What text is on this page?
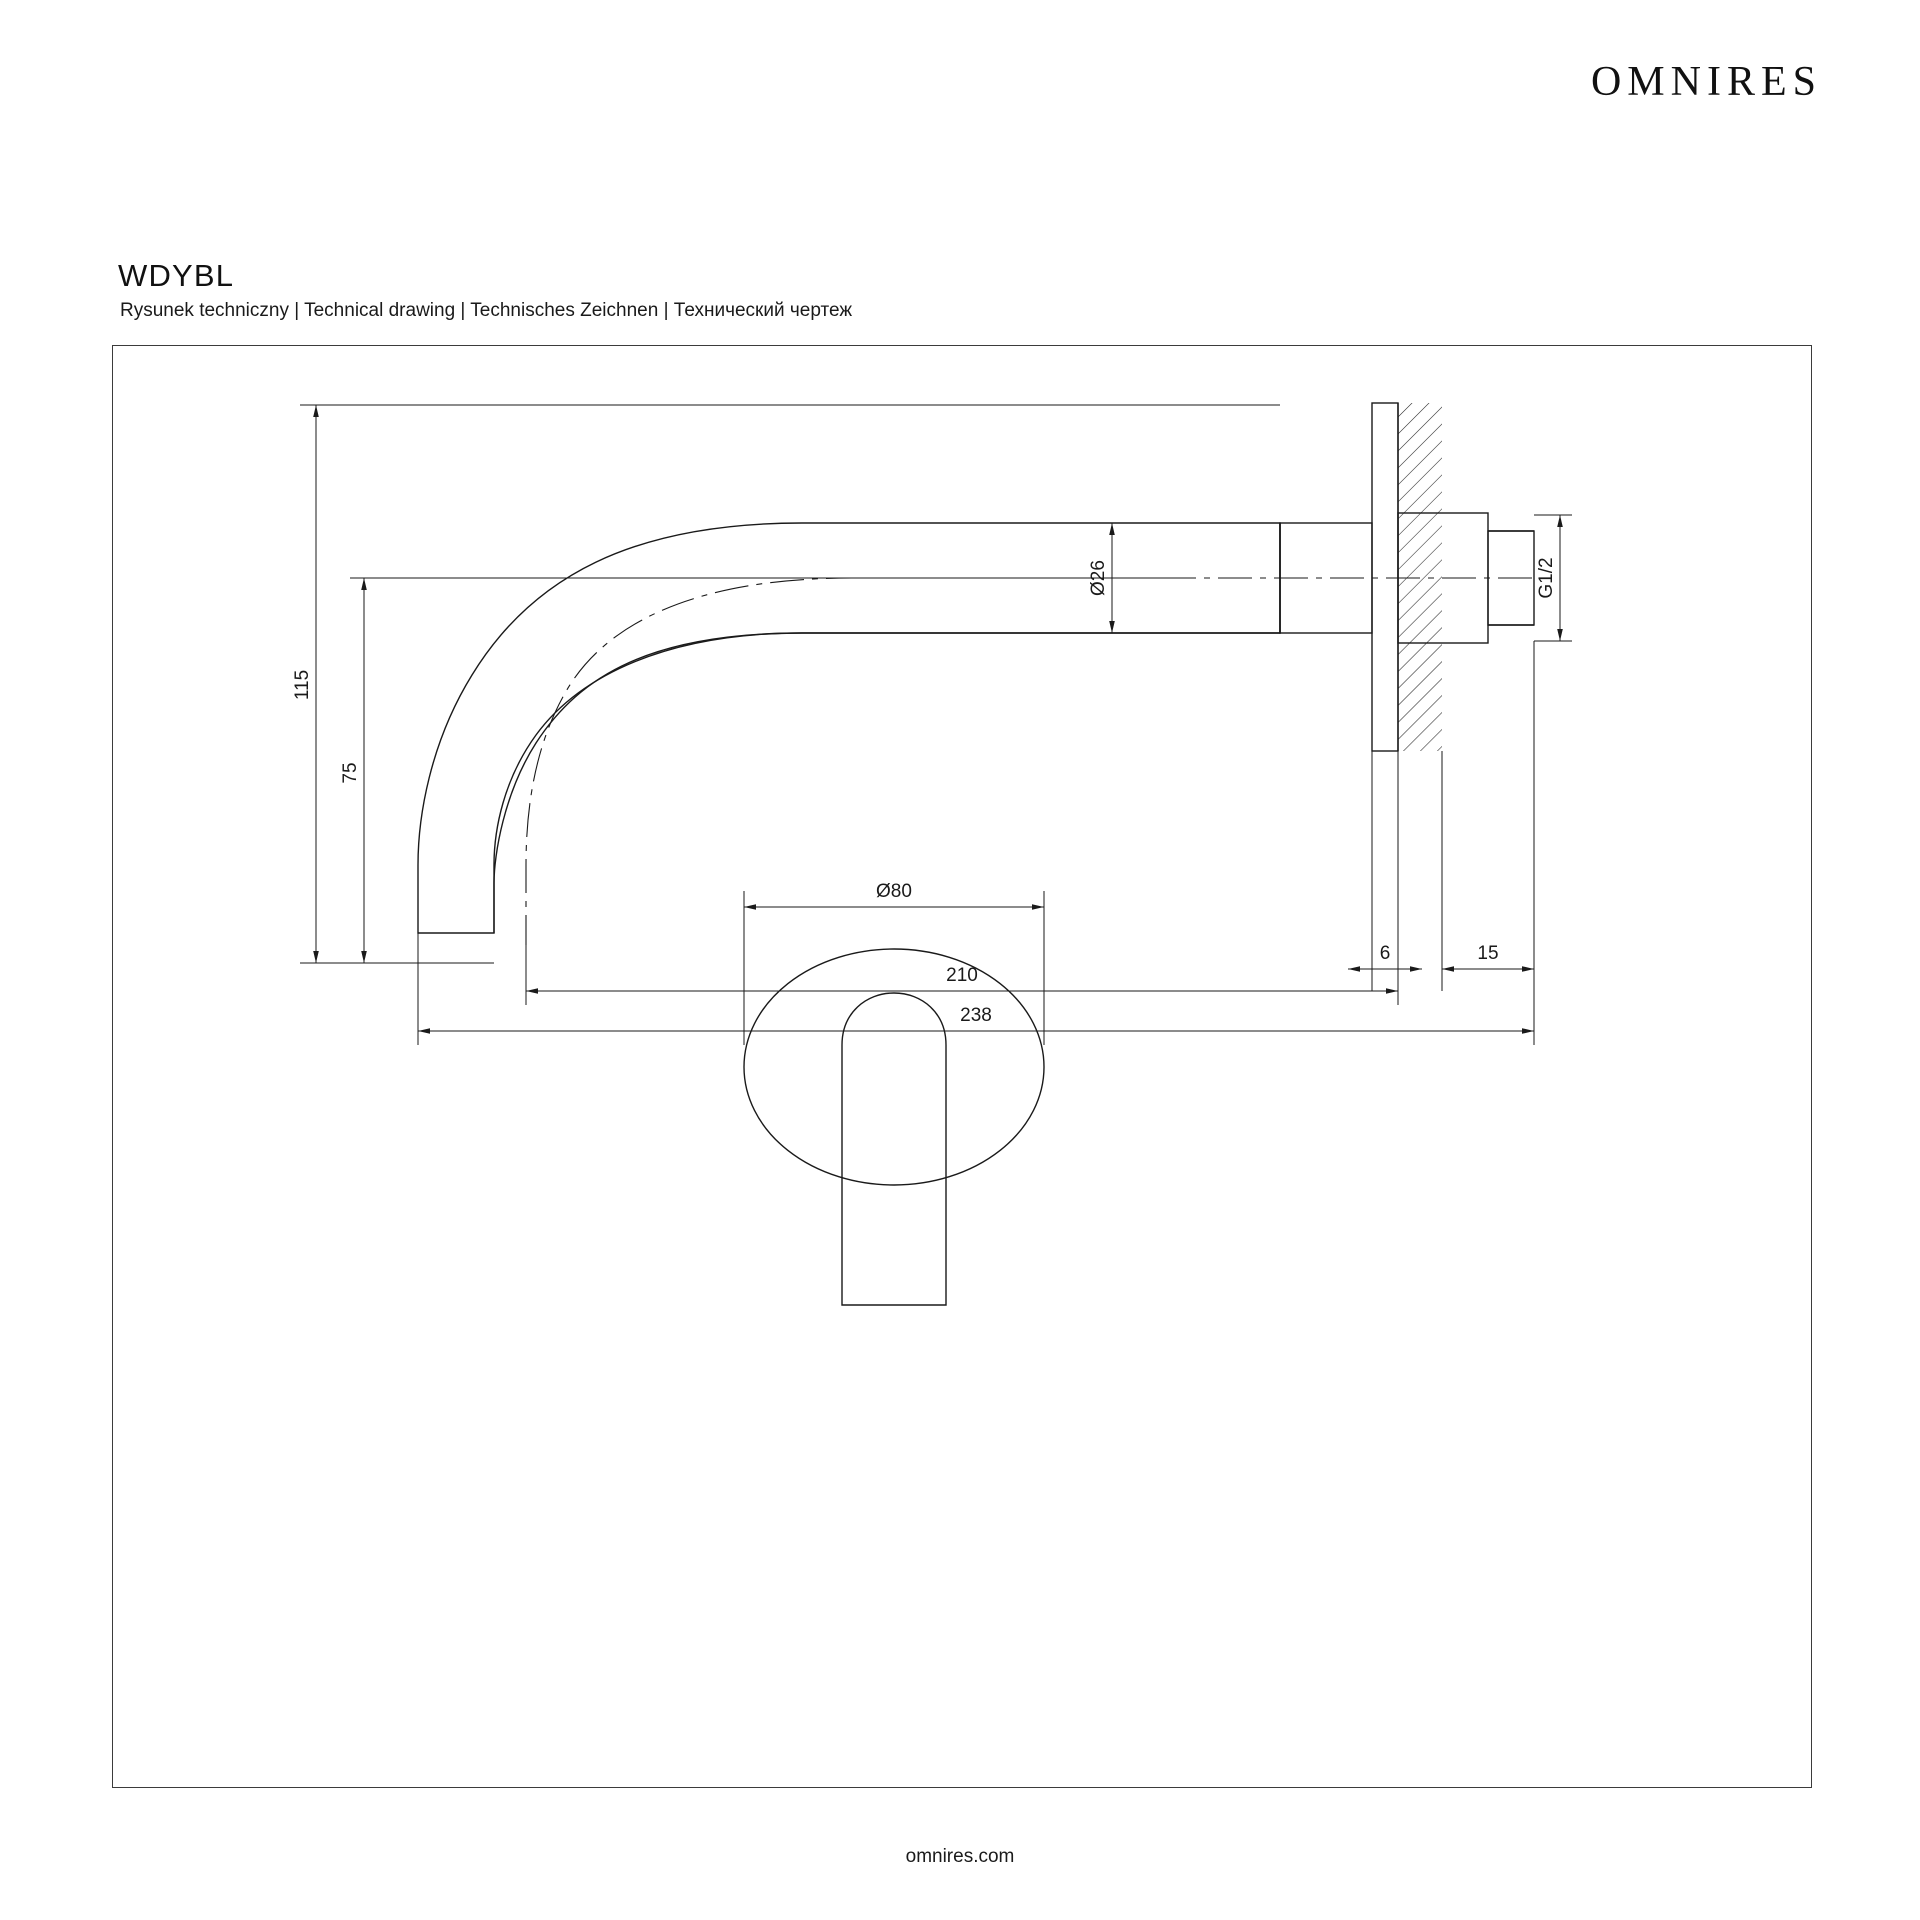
OMNIRES
WDYBL
Rysunek techniczny | Technical drawing | Technisches Zeichnen | Технический чертеж
115
75
Ø26	G1/2
210
238
6	15
Ø80
omnires.com
